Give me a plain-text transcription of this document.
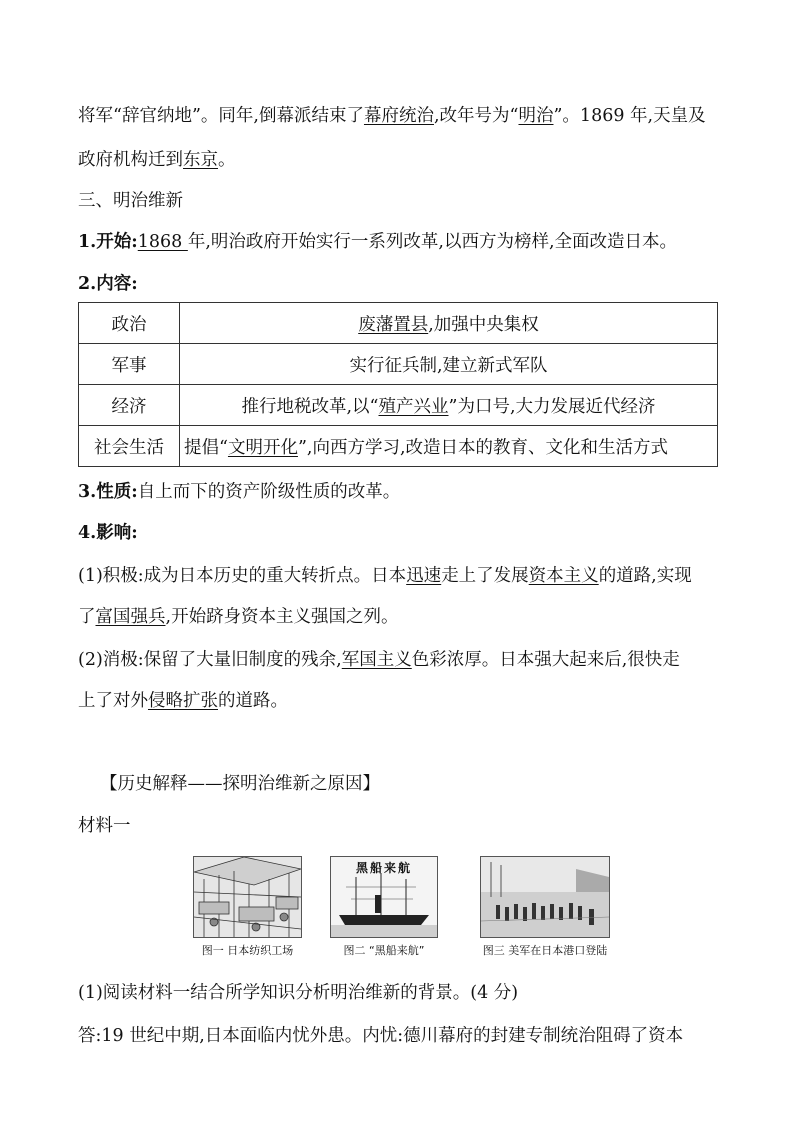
将军“辞官纳地”。同年,倒幕派结束了幕府统治,改年号为“明治”。1869 年,天皇及
政府机构迁到东京。
三、明治维新
1.开始:1868 年,明治政府开始实行一系列改革,以西方为榜样,全面改造日本。
2.内容:
政治	废藩置县,加强中央集权
军事	实行征兵制,建立新式军队
经济	推行地税改革,以“殖产兴业”为口号,大力发展近代经济
社会生活	提倡“文明开化”,向西方学习,改造日本的教育、文化和生活方式
3.性质:自上而下的资产阶级性质的改革。
4.影响:
(1)积极:成为日本历史的重大转折点。日本迅速走上了发展资本主义的道路,实现
了富国强兵,开始跻身资本主义强国之列。
(2)消极:保留了大量旧制度的残余,军国主义色彩浓厚。日本强大起来后,很快走
上了对外侵略扩张的道路。
【历史解释——探明治维新之原因】
材料一
图一 日本纺织工场
黑船来航
图二 “黑船来航”	图三 美军在日本港口登陆
(1)阅读材料一结合所学知识分析明治维新的背景。(4 分)
答:19 世纪中期,日本面临内忧外患。内忧:德川幕府的封建专制统治阻碍了资本
